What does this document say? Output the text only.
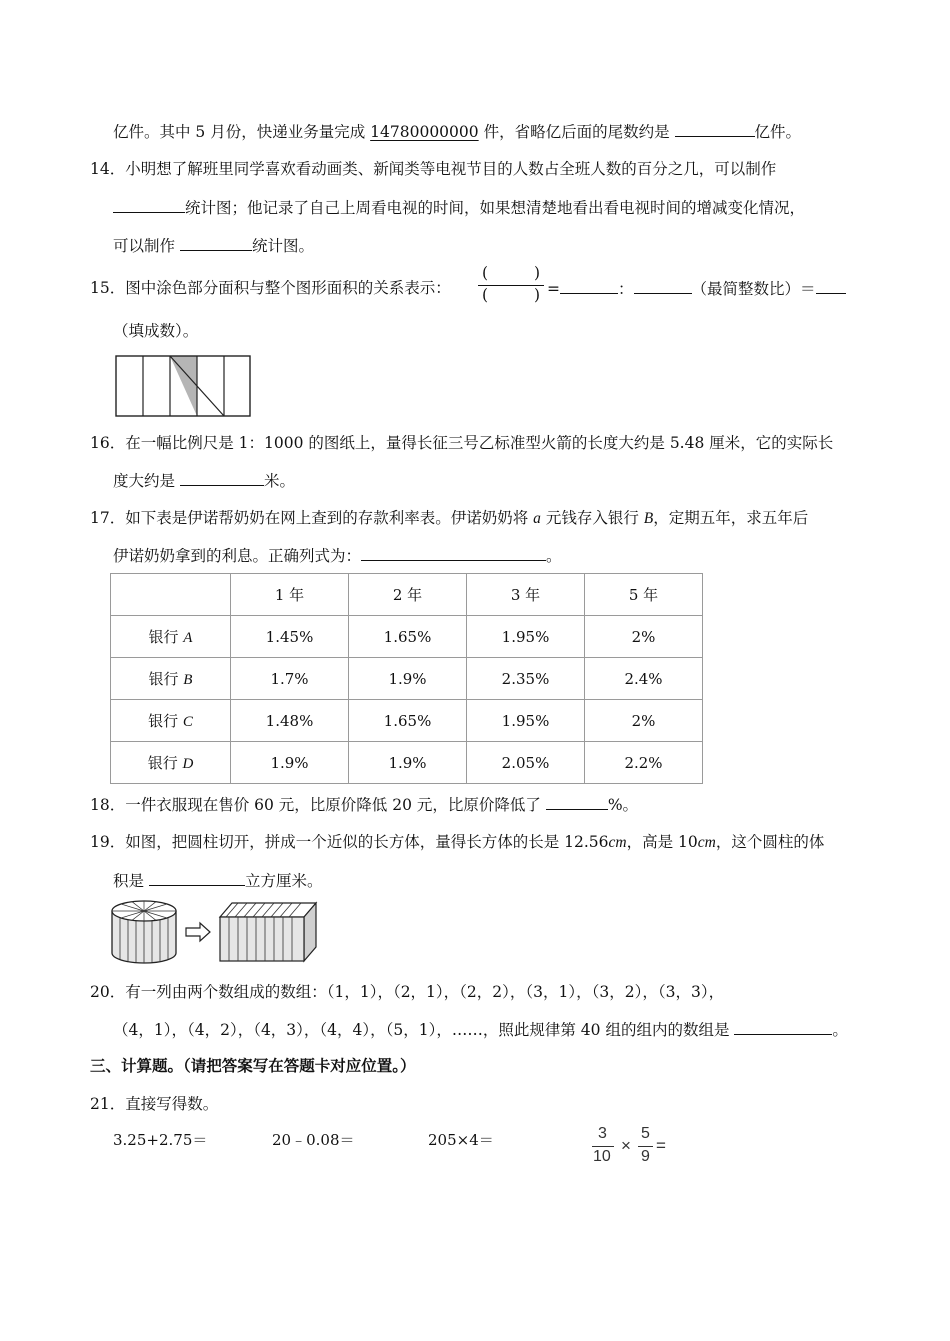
亿件。其中 5 月份，快递业务量完成 14780000000 件，省略亿后面的尾数约是	亿件。
14．小明想了解班里同学喜欢看动画类、新闻类等电视节目的人数占全班人数的百分之几，可以制作
统计图；他记录了自己上周看电视的时间，如果想清楚地看出看电视时间的增减变化情况，
可以制作	统计图。
15．图中涂色部分面积与整个图形面积的关系表示：
(	)
(	) =	：	（最简整数比）＝
（填成数）。
16．在一幅比例尺是 1：1000 的图纸上，量得长征三号乙标准型火箭的长度大约是 5.48 厘米，它的实际长
度大约是	米。
17．如下表是伊诺帮奶奶在网上查到的存款利率表。伊诺奶奶将 a 元钱存入银行 B，定期五年，求五年后
伊诺奶奶拿到的利息。正确列式为：	。
	1 年	2 年	3 年	5 年
银行 A	1.45%	1.65%	1.95%	2%
银行 B	1.7%	1.9%	2.35%	2.4%
银行 C	1.48%	1.65%	1.95%	2%
银行 D	1.9%	1.9%	2.05%	2.2%
18．一件衣服现在售价 60 元，比原价降低 20 元，比原价降低了	%。
19．如图，把圆柱切开，拼成一个近似的长方体，量得长方体的长是 12.56cm，高是 10cm，这个圆柱的体
积是	立方厘米。
20．有一列由两个数组成的数组：（1，1），（2，1），（2，2），（3，1），（3，2），（3，3），
（4，1），（4，2），（4，3），（4，4），（5，1），……，照此规律第 40 组的组内的数组是	。
三、计算题。（请把答案写在答题卡对应位置。）
21．直接写得数。
3.25+2.75＝	20﹣0.08＝	205×4＝	3
10
×
5
9
=
